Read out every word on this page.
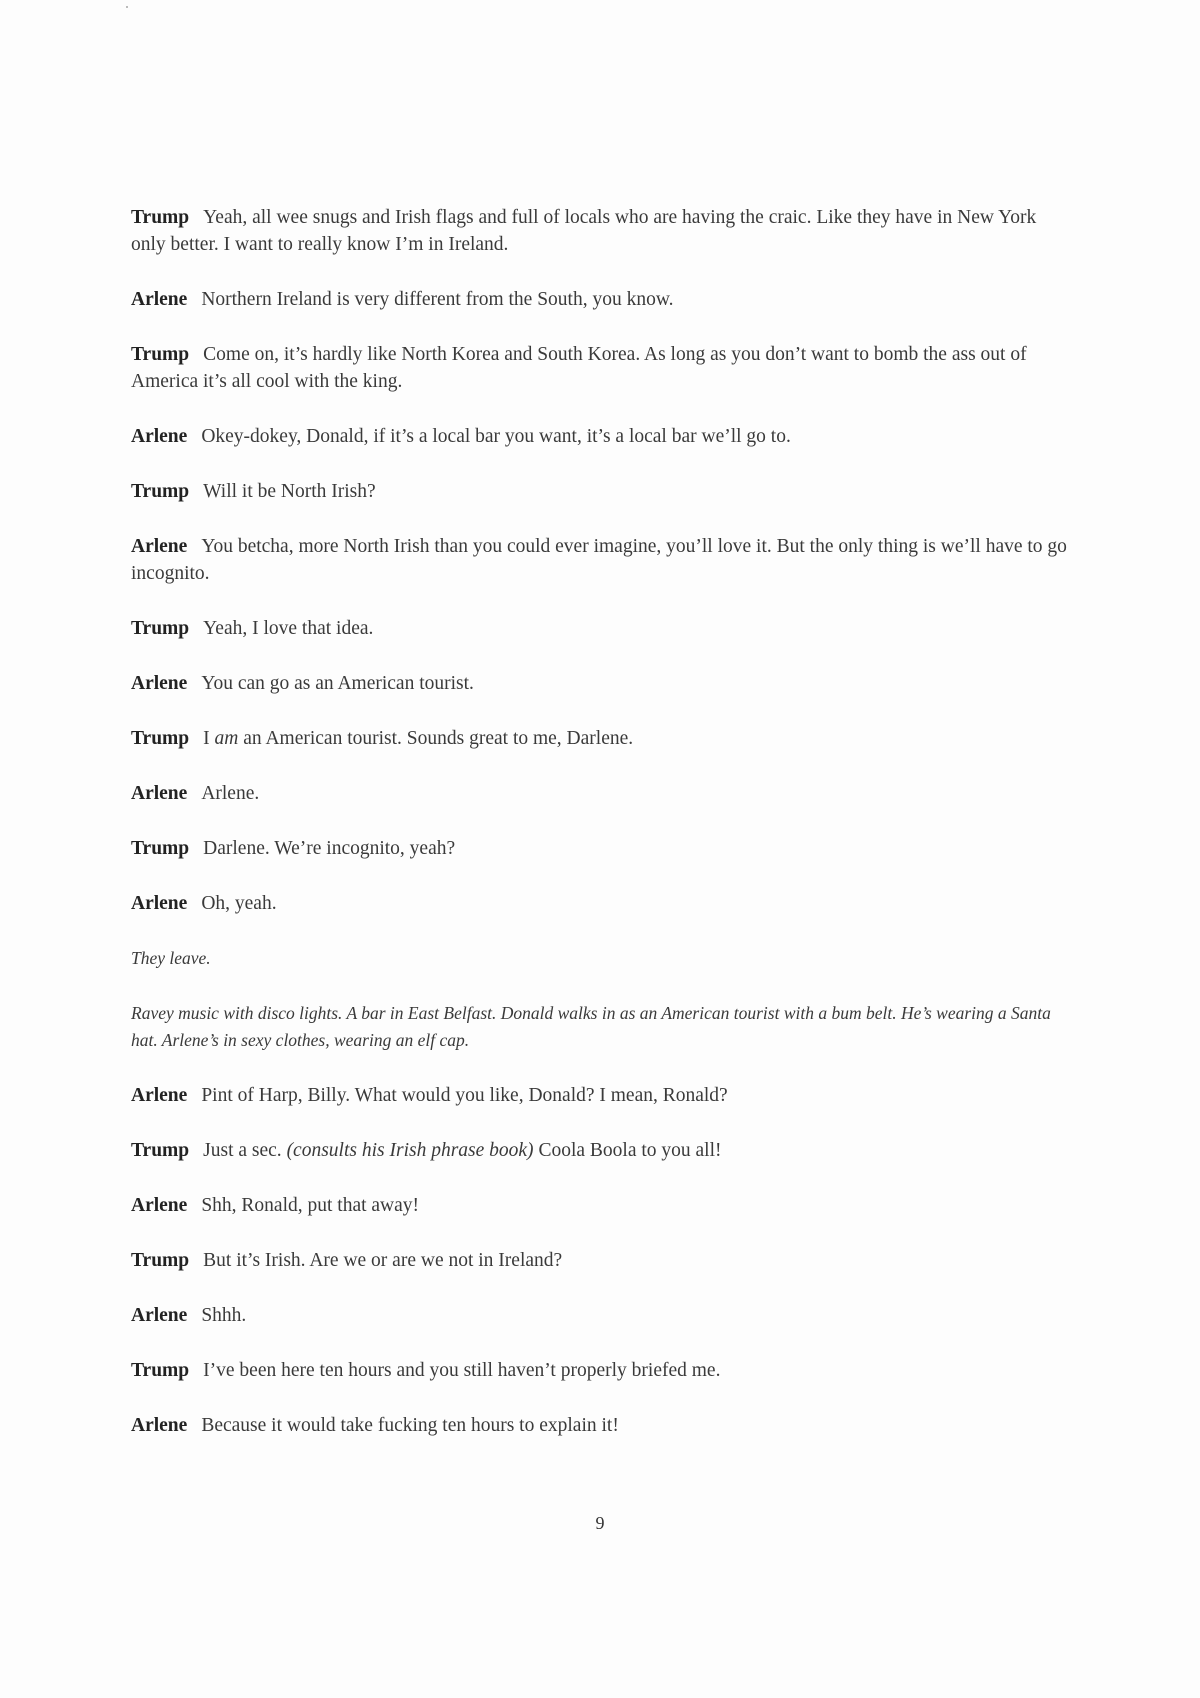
Trump Yeah, all wee snugs and Irish flags and full of locals who are having the craic. Like they have in New York only better. I want to really know I’m in Ireland.

Arlene Northern Ireland is very different from the South, you know.

Trump Come on, it’s hardly like North Korea and South Korea. As long as you don’t want to bomb the ass out of America it’s all cool with the king.

Arlene Okey-dokey, Donald, if it’s a local bar you want, it’s a local bar we’ll go to.

Trump Will it be North Irish?

Arlene You betcha, more North Irish than you could ever imagine, you’ll love it. But the only thing is we’ll have to go incognito.

Trump Yeah, I love that idea.

Arlene You can go as an American tourist.

Trump I am an American tourist. Sounds great to me, Darlene.

Arlene Arlene.

Trump Darlene. We’re incognito, yeah?

Arlene Oh, yeah.

They leave.

Ravey music with disco lights. A bar in East Belfast. Donald walks in as an American tourist with a bum belt. He’s wearing a Santa hat. Arlene’s in sexy clothes, wearing an elf cap.

Arlene Pint of Harp, Billy. What would you like, Donald? I mean, Ronald?

Trump Just a sec. (consults his Irish phrase book) Coola Boola to you all!

Arlene Shh, Ronald, put that away!

Trump But it’s Irish. Are we or are we not in Ireland?

Arlene Shhh.

Trump I’ve been here ten hours and you still haven’t properly briefed me.

Arlene Because it would take fucking ten hours to explain it!

9
